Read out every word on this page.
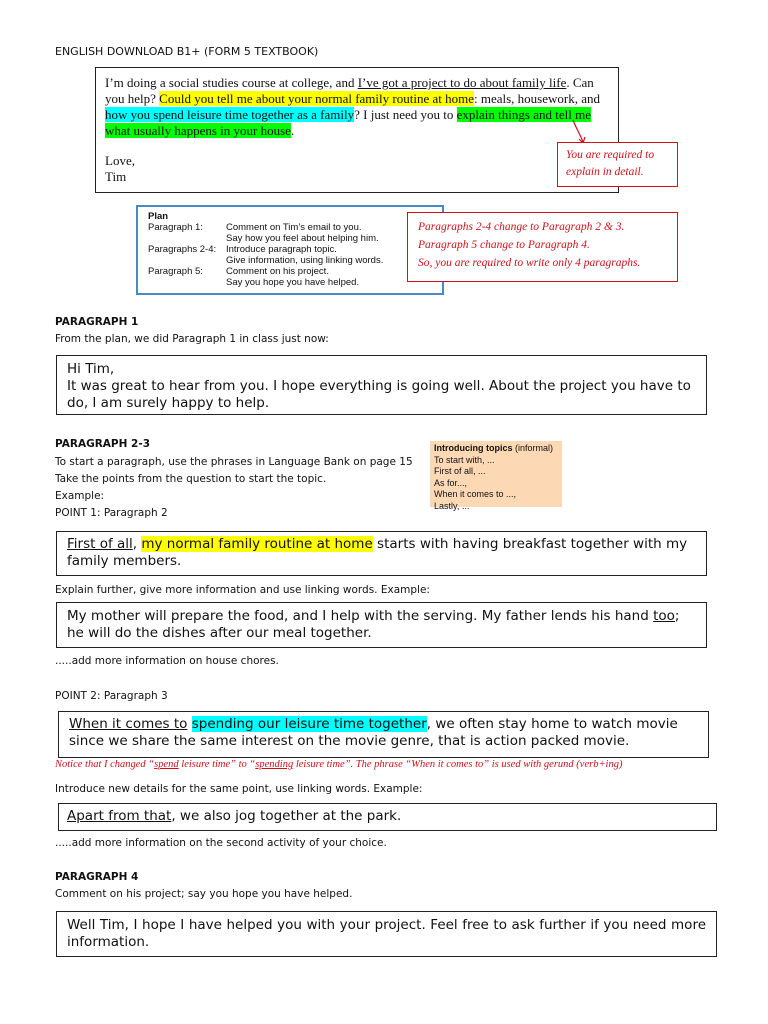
ENGLISH DOWNLOAD B1+ (FORM 5 TEXTBOOK)
I’m doing a social studies course at college, and I’ve got a project to do about family life. Can you help? Could you tell me about your normal family routine at home: meals, housework, and how you spend leisure time together as a family? I just need you to explain things and tell me what usually happens in your house.
Love,
Tim
You are required to explain in detail.
Plan
Paragraph 1:	Comment on Tim’s email to you.
Say how you feel about helping him.
Paragraphs 2-4:	Introduce paragraph topic.
Give information, using linking words.
Paragraph 5:	Comment on his project.
Say you hope you have helped.
Paragraphs 2-4 change to Paragraph 2 & 3.
Paragraph 5 change to Paragraph 4.
So, you are required to write only 4 paragraphs.
PARAGRAPH 1
From the plan, we did Paragraph 1 in class just now:
Hi Tim,
It was great to hear from you. I hope everything is going well. About the project you have to do, I am surely happy to help.
PARAGRAPH 2-3
To start a paragraph, use the phrases in Language Bank on page 15
Take the points from the question to start the topic.
Example:
POINT 1: Paragraph 2
Introducing topics (informal)
To start with, ...
First of all, ...
As for...,
When it comes to ...,
Lastly, ...
First of all, my normal family routine at home starts with having breakfast together with my family members.
Explain further, give more information and use linking words. Example:
My mother will prepare the food, and I help with the serving. My father lends his hand too; he will do the dishes after our meal together.
.....add more information on house chores.
POINT 2: Paragraph 3
When it comes to spending our leisure time together, we often stay home to watch movie since we share the same interest on the movie genre, that is action packed movie.
Notice that I changed “spend leisure time” to “spending leisure time”. The phrase “When it comes to” is used with gerund (verb+ing)
Introduce new details for the same point, use linking words. Example:
Apart from that, we also jog together at the park.
.....add more information on the second activity of your choice.
PARAGRAPH 4
Comment on his project; say you hope you have helped.
Well Tim, I hope I have helped you with your project. Feel free to ask further if you need more information.
